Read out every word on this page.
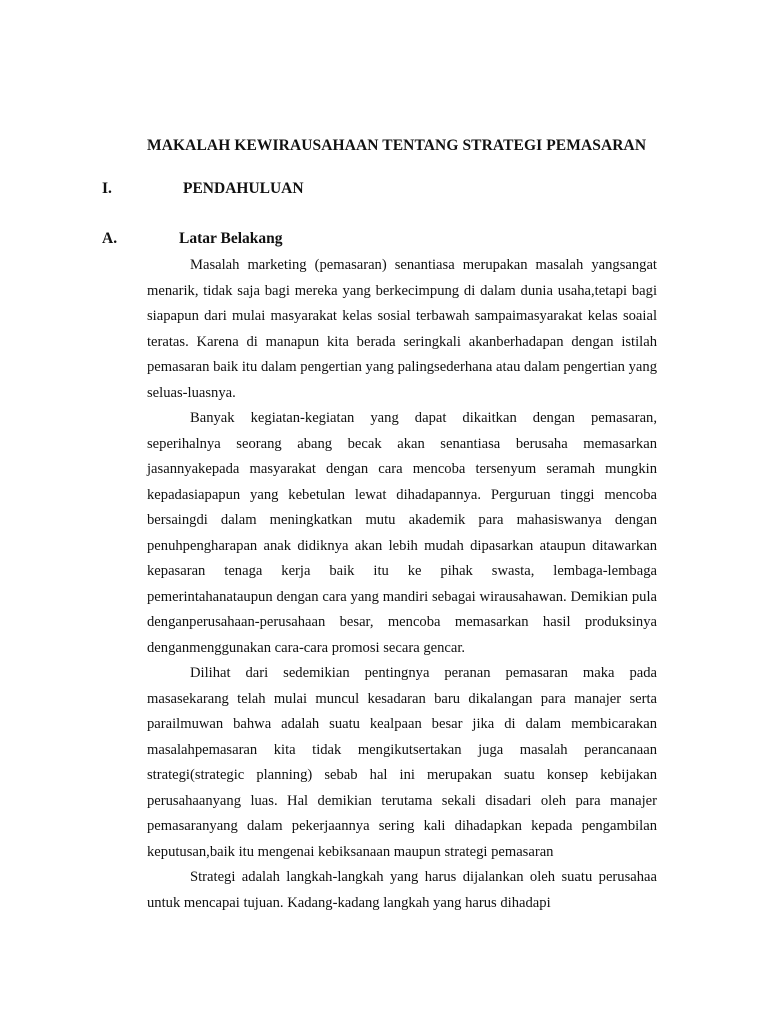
MAKALAH KEWIRAUSAHAAN TENTANG STRATEGI PEMASARAN
I.	PENDAHULUAN
A.	Latar Belakang

Masalah marketing (pemasaran) senantiasa merupakan masalah yangsangat menarik, tidak saja bagi mereka yang berkecimpung di dalam dunia usaha,tetapi bagi siapapun dari mulai masyarakat kelas sosial terbawah sampaimasyarakat kelas soaial teratas. Karena di manapun kita berada seringkali akanberhadapan dengan istilah pemasaran baik itu dalam pengertian yang palingsederhana atau dalam pengertian yang seluas-luasnya.

Banyak kegiatan-kegiatan yang dapat dikaitkan dengan pemasaran, seperihalnya seorang abang becak akan senantiasa berusaha memasarkan jasannyakepada masyarakat dengan cara mencoba tersenyum seramah mungkin kepadasiapapun yang kebetulan lewat dihadapannya. Perguruan tinggi mencoba bersaingdi dalam meningkatkan mutu akademik para mahasiswanya dengan penuhpengharapan anak didiknya akan lebih mudah dipasarkan ataupun ditawarkan kepasaran tenaga kerja baik itu ke pihak swasta, lembaga-lembaga pemerintahanataupun dengan cara yang mandiri sebagai wirausahawan. Demikian pula denganperusahaan-perusahaan besar, mencoba memasarkan hasil produksinya denganmenggunakan cara-cara promosi secara gencar.

Dilihat dari sedemikian pentingnya peranan pemasaran maka pada masasekarang telah mulai muncul kesadaran baru dikalangan para manajer serta parailmuwan bahwa adalah suatu kealpaan besar jika di dalam membicarakan masalahpemasaran kita tidak mengikutsertakan juga masalah perancanaan strategi(strategic planning) sebab hal ini merupakan suatu konsep kebijakan perusahaanyang luas. Hal demikian terutama sekali disadari oleh para manajer pemasaranyang dalam pekerjaannya sering kali dihadapkan kepada pengambilan keputusan,baik itu mengenai kebiksanaan maupun strategi pemasaran

Strategi adalah langkah-langkah yang harus dijalankan oleh suatu perusahaa untuk mencapai tujuan. Kadang-kadang langkah yang harus dihadapi
